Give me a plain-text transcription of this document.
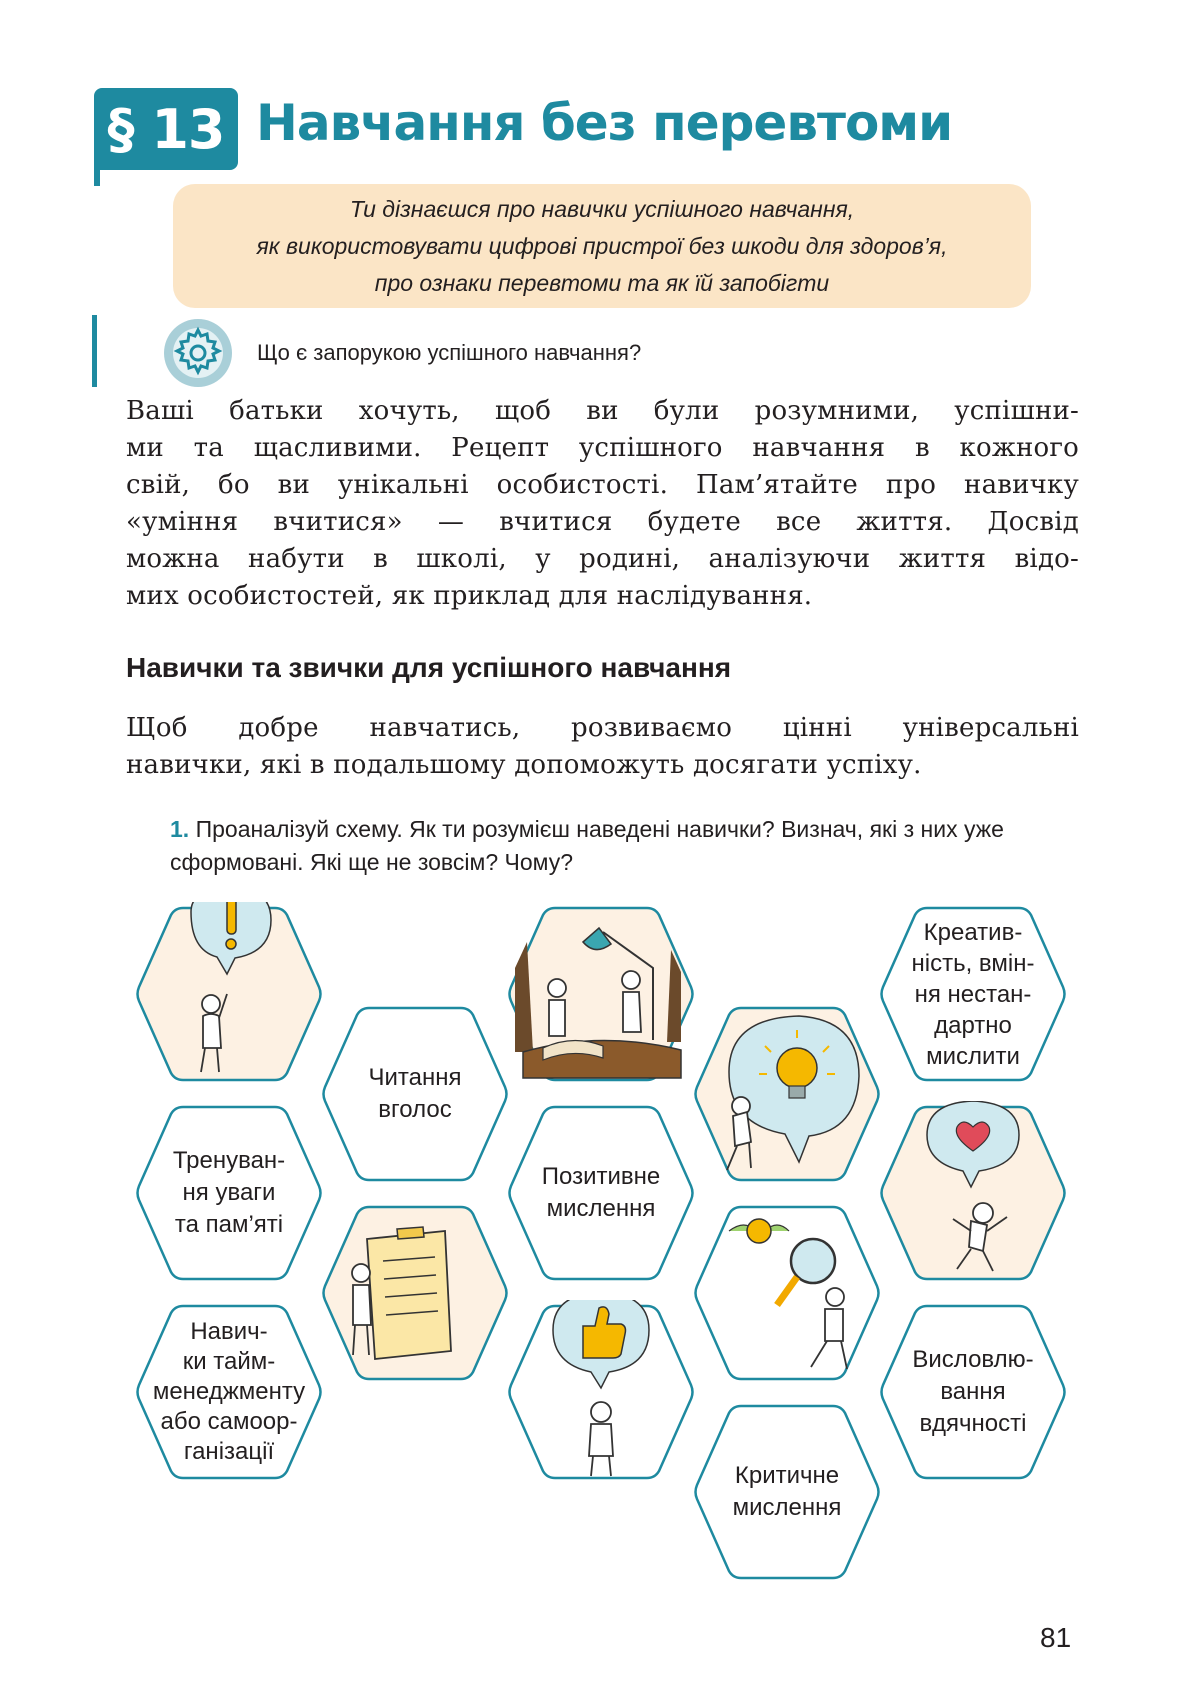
§ 13 Навчання без перевтоми
Ти дізнаєшся про навички успішного навчання,
як використовувати цифрові пристрої без шкоди для здоров’я,
про ознаки перевтоми та як їй запобігти
Що є запорукою успішного навчання?
Ваші батьки хочуть, щоб ви були розумними, успішни-
ми та щасливими. Рецепт успішного навчання в кожного
свій, бо ви унікальні особистості. Пам’ятайте про навичку
«уміння вчитися» — вчитися будете все життя. Досвід
можна набути в школі, у родині, аналізуючи життя відо-
мих особистостей, як приклад для наслідування.
Навички та звички для успішного навчання
Щоб добре навчатись, розвиваємо цінні універсальні
навички, які в подальшому допоможуть досягати успіху.
1. Проаналізуй схему. Як ти розумієш наведені навички? Визнач, які з них уже сформовані. Які ще не зовсім? Чому?
Тренуван-
ня уваги
та пам’яті
Навич-
ки тайм-
менеджменту
або самоор-
ганізації
Читання
вголос
Позитивне
мислення
Критичне
мислення
Креатив-
ність, вмін-
ня нестан-
дартно
мислити
Висловлю-
вання
вдячності
81
